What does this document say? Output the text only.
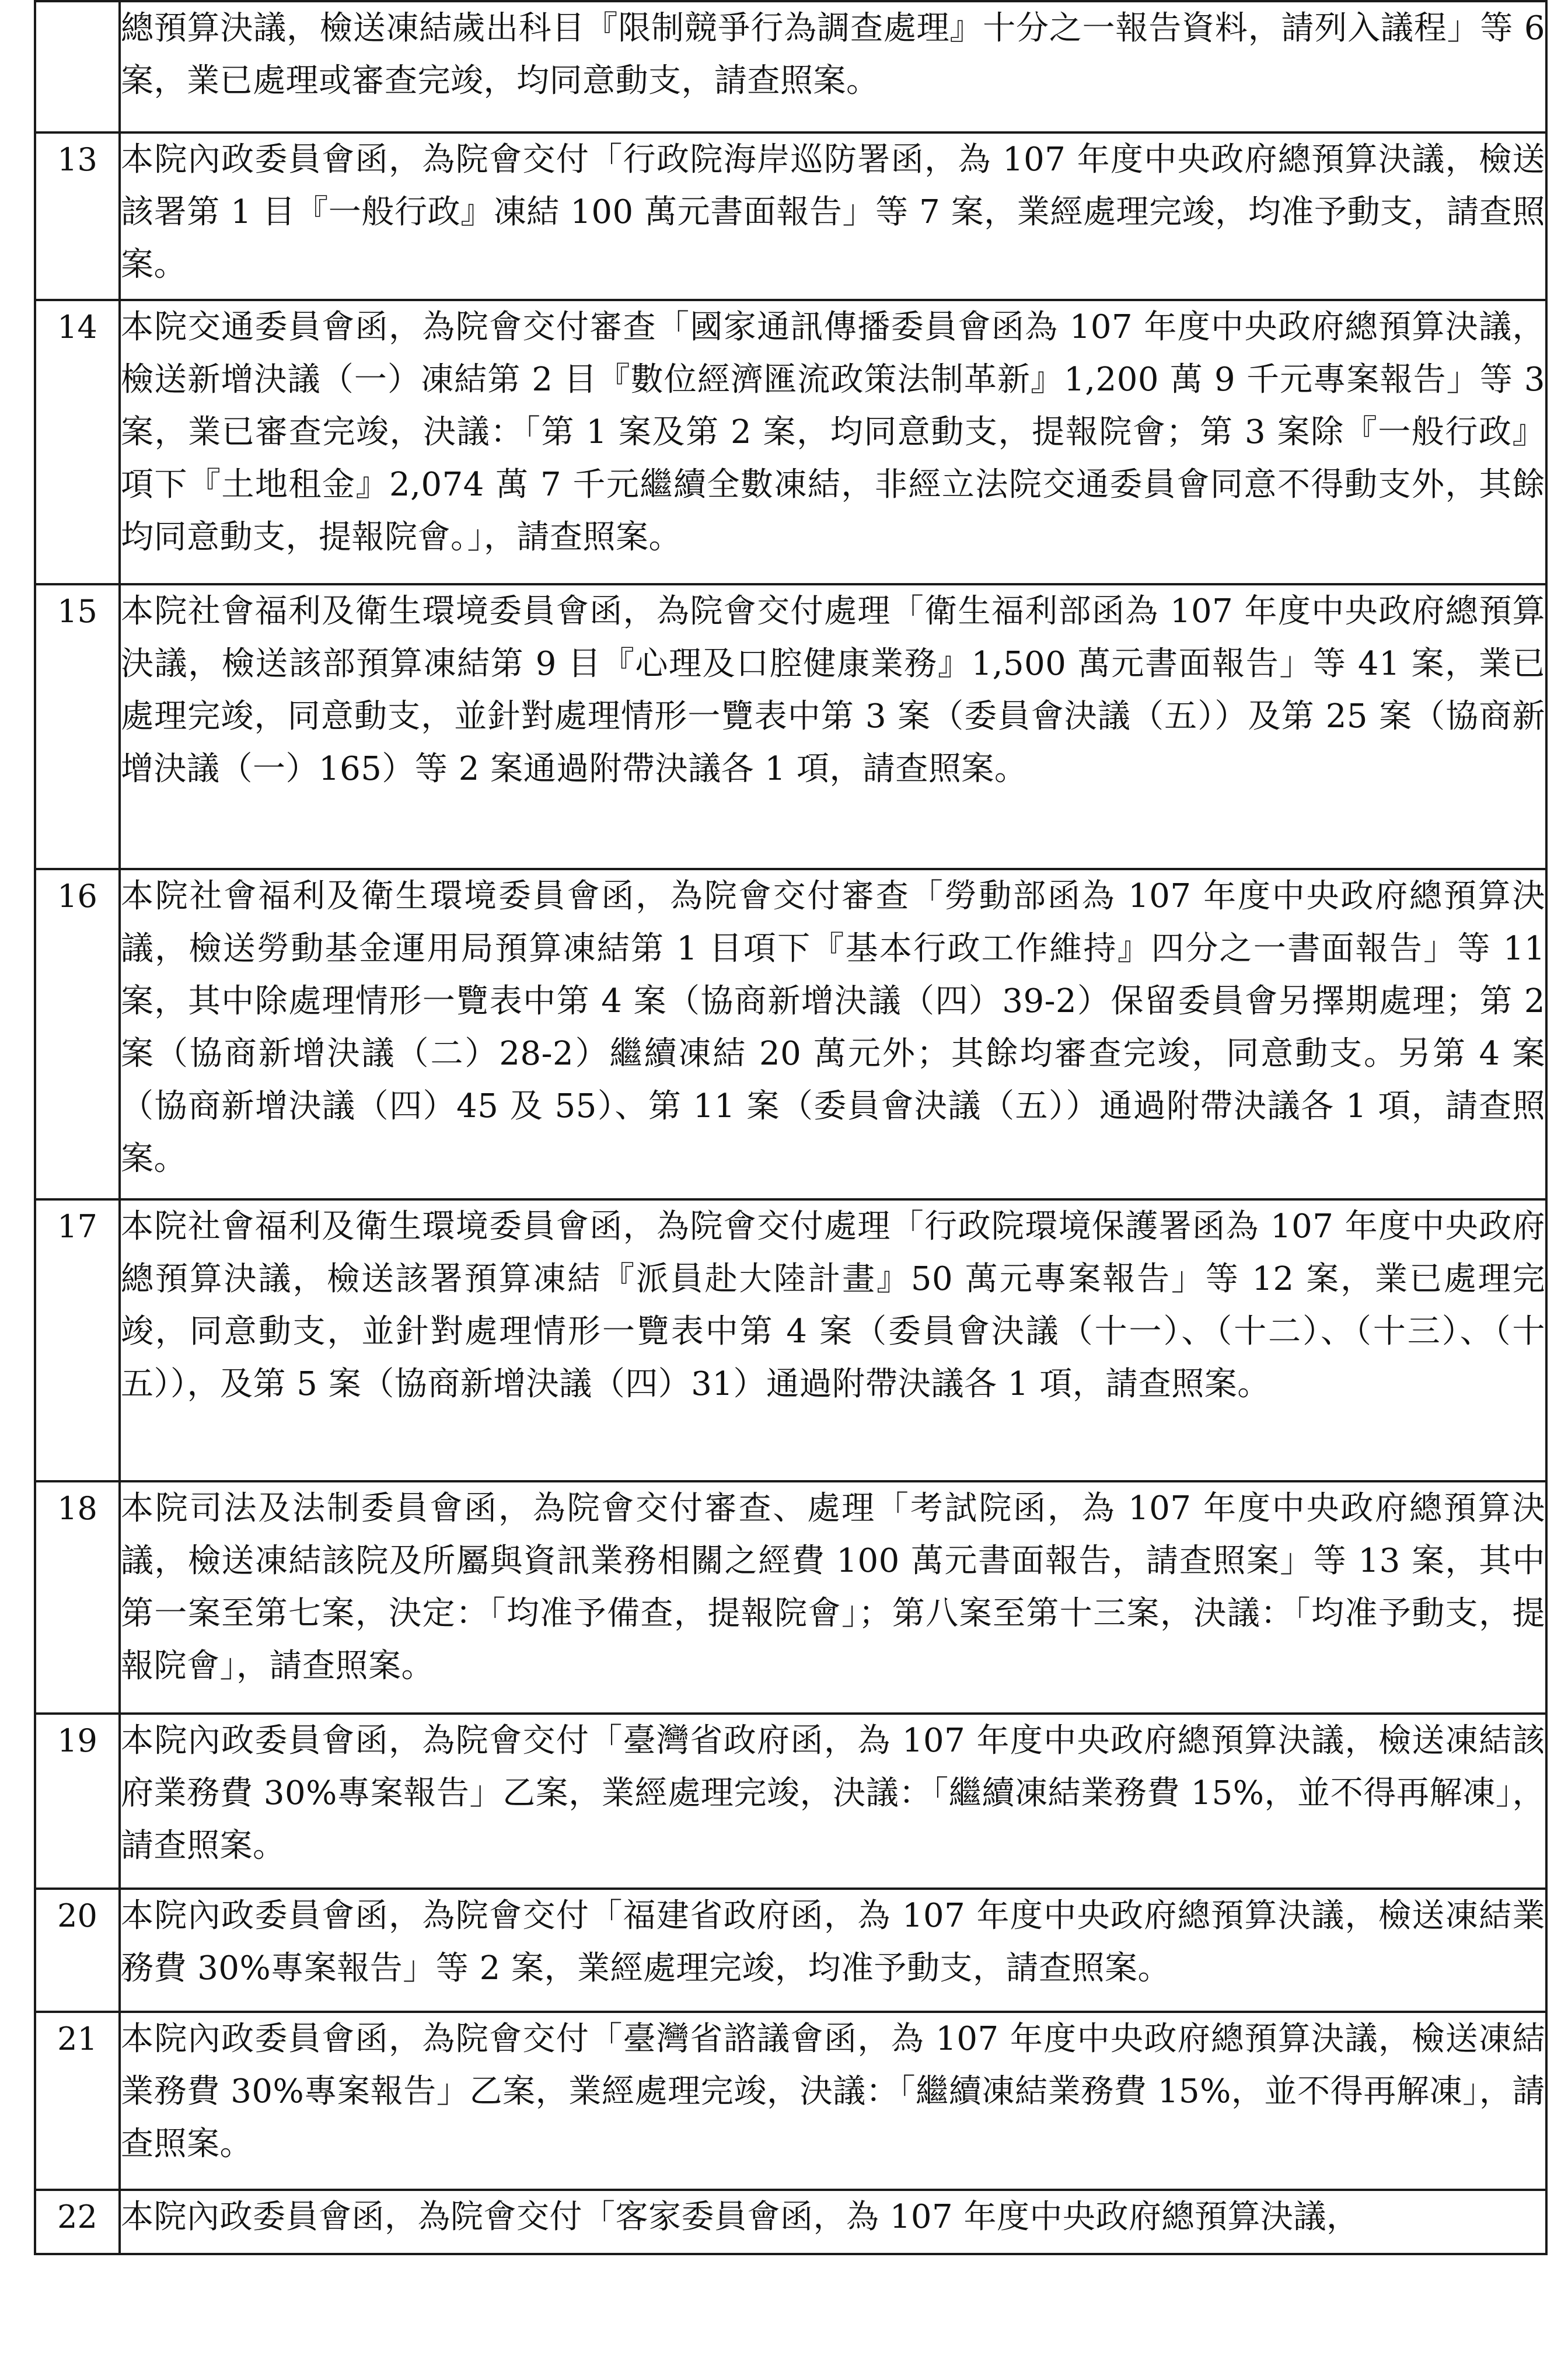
	總預算決議，檢送凍結歲出科目『限制競爭行為調查處理』十分之一報告資料，請列入議程」等 6 案，業已處理或審查完竣，均同意動支，請查照案。
13	本院內政委員會函，為院會交付「行政院海岸巡防署函，為 107 年度中央政府總預算決議，檢送該署第 1 目『一般行政』凍結 100 萬元書面報告」等 7 案，業經處理完竣，均准予動支，請查照案。
14	本院交通委員會函，為院會交付審查「國家通訊傳播委員會函為 107 年度中央政府總預算決議，檢送新增決議（一）凍結第 2 目『數位經濟匯流政策法制革新』1,200 萬 9 千元專案報告」等 3 案，業已審查完竣，決議：「第 1 案及第 2 案，均同意動支，提報院會；第 3 案除『一般行政』項下『土地租金』2,074 萬 7 千元繼續全數凍結，非經立法院交通委員會同意不得動支外，其餘均同意動支，提報院會。」，請查照案。
15	本院社會福利及衛生環境委員會函，為院會交付處理「衛生福利部函為 107 年度中央政府總預算決議，檢送該部預算凍結第 9 目『心理及口腔健康業務』1,500 萬元書面報告」等 41 案，業已處理完竣，同意動支，並針對處理情形一覽表中第 3 案（委員會決議（五））及第 25 案（協商新增決議（一）165）等 2 案通過附帶決議各 1 項，請查照案。
16	本院社會福利及衛生環境委員會函，為院會交付審查「勞動部函為 107 年度中央政府總預算決議，檢送勞動基金運用局預算凍結第 1 目項下『基本行政工作維持』四分之一書面報告」等 11 案，其中除處理情形一覽表中第 4 案（協商新增決議（四）39-2）保留委員會另擇期處理；第 2 案（協商新增決議（二）28-2）繼續凍結 20 萬元外；其餘均審查完竣，同意動支。另第 4 案（協商新增決議（四）45 及 55）、第 11 案（委員會決議（五））通過附帶決議各 1 項，請查照案。
17	本院社會福利及衛生環境委員會函，為院會交付處理「行政院環境保護署函為 107 年度中央政府總預算決議，檢送該署預算凍結『派員赴大陸計畫』50 萬元專案報告」等 12 案，業已處理完竣，同意動支，並針對處理情形一覽表中第 4 案（委員會決議（十一）、（十二）、（十三）、（十五）），及第 5 案（協商新增決議（四）31）通過附帶決議各 1 項，請查照案。
18	本院司法及法制委員會函，為院會交付審查、處理「考試院函，為 107 年度中央政府總預算決議，檢送凍結該院及所屬與資訊業務相關之經費 100 萬元書面報告，請查照案」等 13 案，其中第一案至第七案，決定：「均准予備查，提報院會」；第八案至第十三案，決議：「均准予動支，提報院會」，請查照案。
19	本院內政委員會函，為院會交付「臺灣省政府函，為 107 年度中央政府總預算決議，檢送凍結該府業務費 30%專案報告」乙案，業經處理完竣，決議：「繼續凍結業務費 15%，並不得再解凍」，請查照案。
20	本院內政委員會函，為院會交付「福建省政府函，為 107 年度中央政府總預算決議，檢送凍結業務費 30%專案報告」等 2 案，業經處理完竣，均准予動支，請查照案。
21	本院內政委員會函，為院會交付「臺灣省諮議會函，為 107 年度中央政府總預算決議，檢送凍結業務費 30%專案報告」乙案，業經處理完竣，決議：「繼續凍結業務費 15%，並不得再解凍」，請查照案。
22	本院內政委員會函，為院會交付「客家委員會函，為 107 年度中央政府總預算決議，
